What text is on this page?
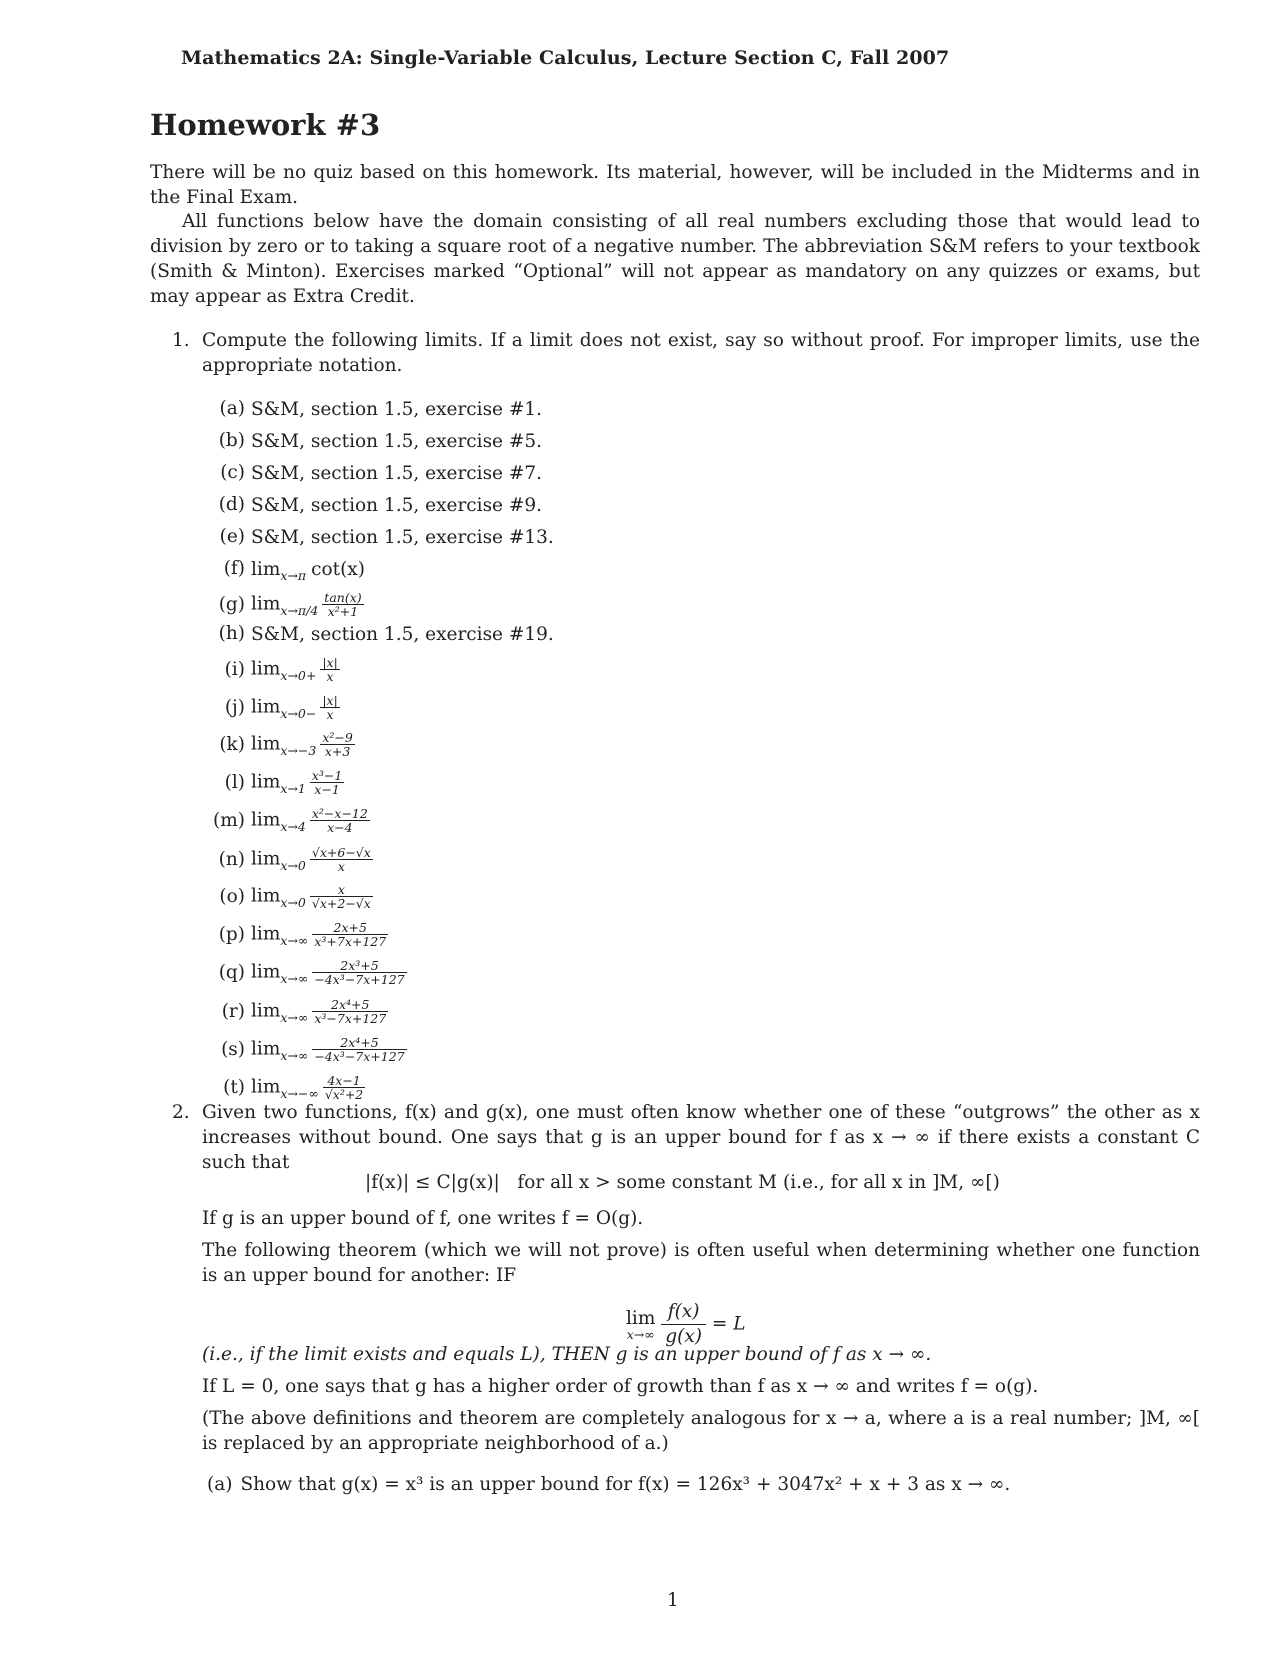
Mathematics 2A: Single-Variable Calculus, Lecture Section C, Fall 2007
Homework #3
There will be no quiz based on this homework. Its material, however, will be included in the Midterms and in the Final Exam.
All functions below have the domain consisting of all real numbers excluding those that would lead to division by zero or to taking a square root of a negative number. The abbreviation S&M refers to your textbook (Smith & Minton). Exercises marked “Optional” will not appear as mandatory on any quizzes or exams, but may appear as Extra Credit.
1. Compute the following limits. If a limit does not exist, say so without proof. For improper limits, use the appropriate notation.
(a) S&M, section 1.5, exercise #1.
(b) S&M, section 1.5, exercise #5.
(c) S&M, section 1.5, exercise #7.
(d) S&M, section 1.5, exercise #9.
(e) S&M, section 1.5, exercise #13.
(f) $\lim_{x\to\pi} \cot(x)$
(g) $\lim_{x\to\pi/4} \frac{\tan(x)}{\text{x²+1}}$
(h) S&M, section 1.5, exercise #19.
(i) $\lim_{x\to 0+} \frac{|x|}{x}$
(j) $\lim_{x\to 0-} \frac{|x|}{x}$
(k) $\lim_{x\to-3} \frac{\text{x²−9}}{x+3}$
(l) $\lim_{x\to 1} \frac{\text{x³−1}}{x-1}$
(m) $\lim_{x\to 4} \frac{\text{x²−x−12}}{x-4}$
(n) $\lim_{x\to 0} \frac{√x+6-√x}{x}$
(o) $\lim_{x\to 0} \frac{x}{√x+2-√x}$
(p) $\lim_{x\to\infty} \frac{2x+5}{\text{x³+7x+127}}$
(q) $\lim_{x\to\infty} \frac{\text{2x³+5}}{\text{−4x³−7x+127}}$
(r) $\lim_{x\to\infty} \frac{\text{2x⁴+5}}{\text{x³−7x+127}}$
(s) $\lim_{x\to\infty} \frac{\text{2x⁴+5}}{\text{−4x³−7x+127}}$
(t) $\lim_{x\to-\infty} \frac{4x-1}{\text{√x²+2}}$
2. Given two functions, f(x) and g(x), one must often know whether one of these “outgrows” the other as x increases without bound. One says that g is an upper bound for f as x → ∞ if there exists a constant C such that
|f(x)| ≤ C|g(x)|   for all x > some constant M (i.e., for all x in ]M, ∞[)
If g is an upper bound of f, one writes f = O(g).
The following theorem (which we will not prove) is often useful when determining whether one function is an upper bound for another: IF
lim
x→∞
$\frac{f(x)}{g(x)} = L$
(i.e., if the limit exists and equals L), THEN g is an upper bound of f as x → ∞.
If L = 0, one says that g has a higher order of growth than f as x → ∞ and writes f = o(g).
(The above definitions and theorem are completely analogous for x → a, where a is a real number; ]M, ∞[ is replaced by an appropriate neighborhood of a.)
(a) Show that g(x) = x³ is an upper bound for f(x) = 126x³ + 3047x² + x + 3 as x → ∞.
1
